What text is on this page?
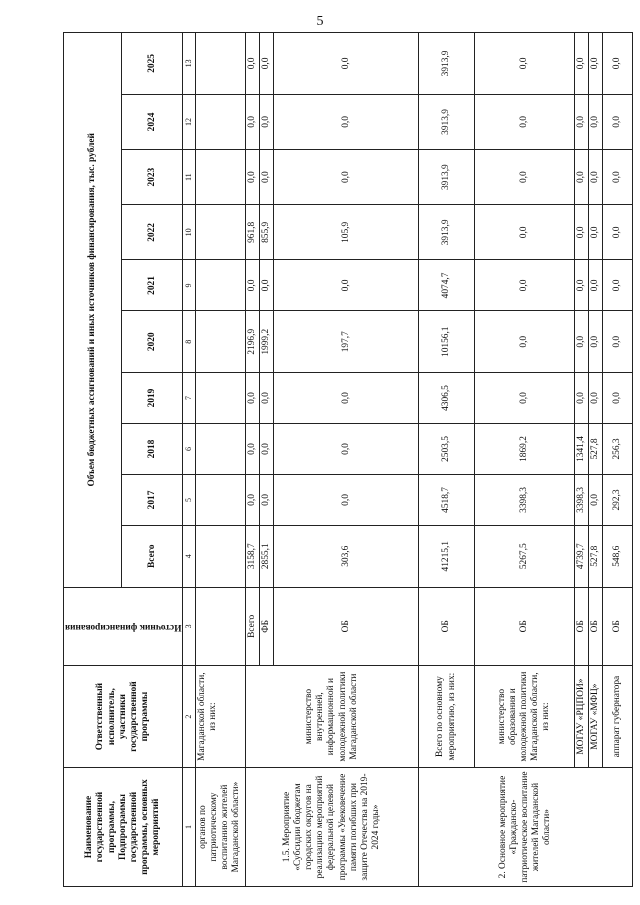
5
Наименование государственной программы, Подпрограммы государственной программы, основных мероприятий	Ответственный исполнитель, участники государственной программы	Источник финансирования	Объем бюджетных ассигнований и иных источников финансирования, тыс. рублей									
			Всего	2017	2018	2019	2020	2021	2022	2023	2024	2025
1	2	3	4	5	6	7	8	9	10	11	12	13
органов по патриотическому воспитанию жителей Магаданской области»	Магаданской области, из них:											
1.5. Мероприятие «Субсидии бюджетам городских округов на реализацию мероприятий федеральной целевой программы «Увековечение памяти погибших при защите Отечества на 2019-2024 годы»	министерство внутренней, информационной и молодежной политики Магаданской области	Всего	3158,7	0,0	0,0	0,0	2196,9	0,0	961,8	0,0	0,0	0,0
		ФБ	2855,1	0,0	0,0	0,0	1999,2	0,0	855,9	0,0	0,0	0,0
		ОБ	303,6	0,0	0,0	0,0	197,7	0,0	105,9	0,0	0,0	0,0
2. Основное мероприятие «Гражданско-патриотическое воспитание жителей Магаданской области»	Всего по основному мероприятию, из них:	ОБ	41215,1	4518,7	2503,5	4306,5	10156,1	4074,7	3913,9	3913,9	3913,9	3913,9
	министерство образования и молодежной политики Магаданской области, из них:	ОБ	5267,5	3398,3	1869,2	0,0	0,0	0,0	0,0	0,0	0,0	0,0
	МОГАУ «РЦПОИ»	ОБ	4739,7	3398,3	1341,4	0,0	0,0	0,0	0,0	0,0	0,0	0,0
	МОГАУ «МФЦ»	ОБ	527,8	0,0	527,8	0,0	0,0	0,0	0,0	0,0	0,0	0,0
	аппарат губернатора	ОБ	548,6	292,3	256,3	0,0	0,0	0,0	0,0	0,0	0,0	0,0
